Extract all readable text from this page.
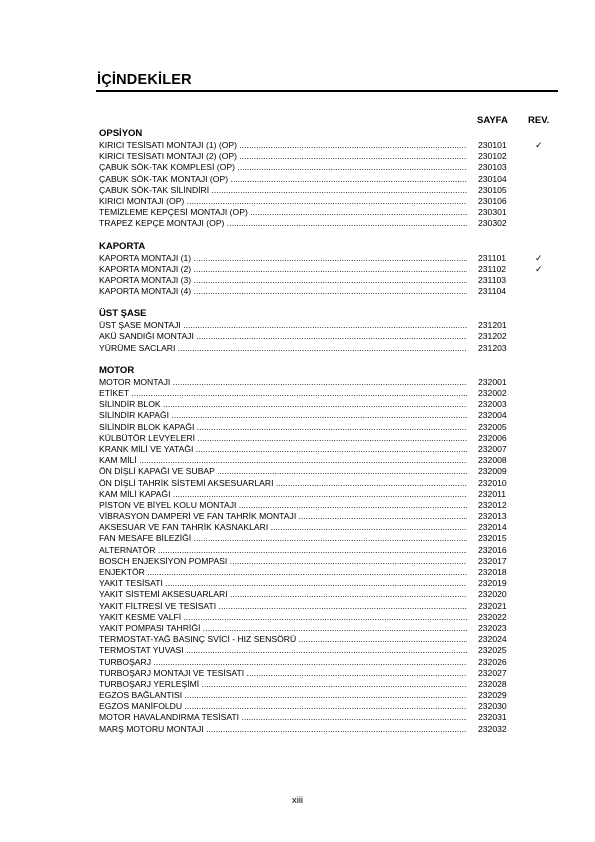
İÇİNDEKİLER
SAYFA REV.
OPSİYON
KIRICI TESİSATI MONTAJI (1) (OP) .....	230101	✓
KIRICI TESİSATI MONTAJI (2) (OP) .....	230102
ÇABUK SÖK-TAK KOMPLESİ (OP) .....	230103
ÇABUK SÖK-TAK MONTAJI (OP) .....	230104
ÇABUK SÖK-TAK SİLİNDİRİ .....	230105
KIRICI MONTAJI (OP) .....	230106
TEMİZLEME KEPÇESİ MONTAJI (OP) .....	230301
TRAPEZ KEPÇE MONTAJI (OP) .....	230302
KAPORTA
KAPORTA MONTAJI (1) .....	231101	✓
KAPORTA MONTAJI (2) .....	231102	✓
KAPORTA MONTAJI (3) .....	231103
KAPORTA MONTAJI (4) .....	231104
ÜST ŞASE
ÜST ŞASE MONTAJI .....	231201
AKÜ SANDIĞI MONTAJI .....	231202
YÜRÜME SACLARI .....	231203
MOTOR
MOTOR MONTAJI .....	232001
ETİKET .....	232002
SİLİNDİR BLOK .....	232003
SİLİNDİR KAPAĞI .....	232004
SİLİNDİR BLOK KAPAĞI .....	232005
KÜLBÜTÖR LEVYELERİ .....	232006
KRANK MİLİ VE YATAĞI .....	232007
KAM MİLİ .....	232008
ÖN DİŞLİ KAPAĞI VE SUBAP .....	232009
ÖN DİŞLİ TAHRİK SİSTEMİ AKSESUARLARI .....	232010
KAM MİLİ KAPAĞI .....	232011
PİSTON VE BİYEL KOLU MONTAJI .....	232012
VİBRASYON DAMPERİ VE FAN TAHRİK MONTAJI .....	232013
AKSESUAR VE FAN TAHRİK KASNAKLARI .....	232014
FAN MESAFE BİLEZİĞİ .....	232015
ALTERNATÖR .....	232016
BOSCH ENJEKSİYON POMPASI .....	232017
ENJEKTÖR .....	232018
YAKIT TESİSATI .....	232019
YAKIT SİSTEMİ AKSESUARLARI .....	232020
YAKIT FİLTRESİ VE TESİSATI .....	232021
YAKIT KESME VALFİ .....	232022
YAKIT POMPASI TAHRİĞİ .....	232023
TERMOSTAT-YAĞ BASINÇ SVİCİ - HIZ SENSÖRÜ .....	232024
TERMOSTAT YUVASI .....	232025
TURBOŞARJ .....	232026
TURBOŞARJ MONTAJI VE TESİSATI .....	232027
TURBOŞARJ YERLEŞİMİ .....	232028
EGZOS BAĞLANTISI .....	232029
EGZOS MANİFOLDU .....	232030
MOTOR HAVALANDIRMA TESİSATI .....	232031
MARŞ MOTORU MONTAJI .....	232032
xiii
